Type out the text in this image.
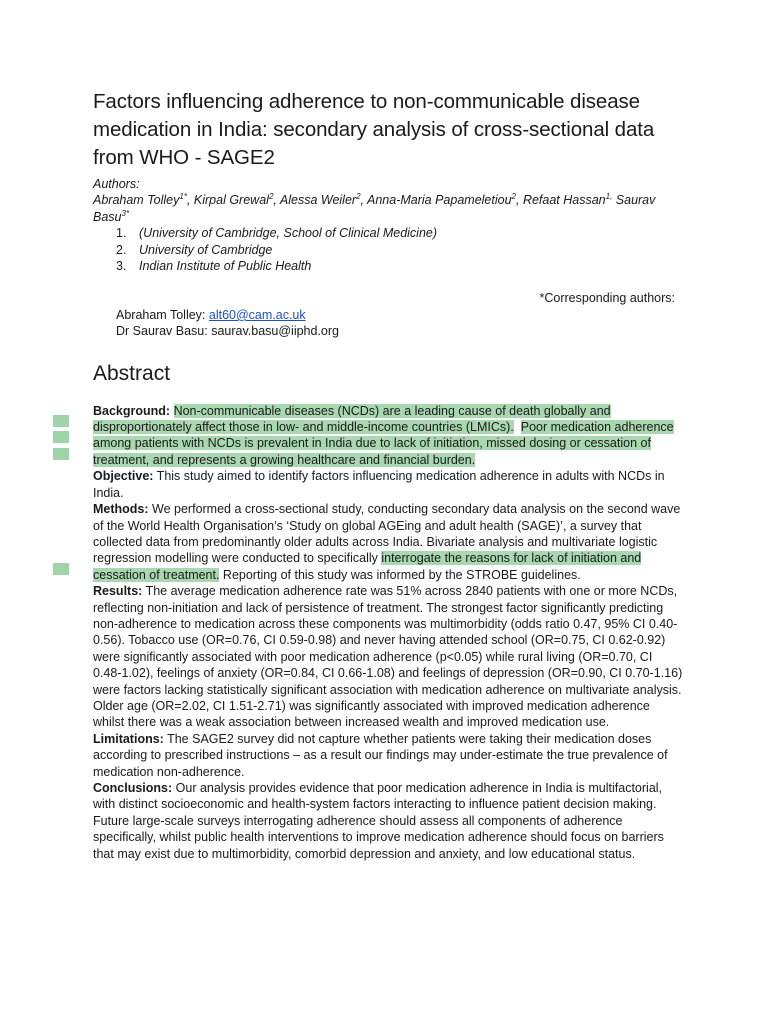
Factors influencing adherence to non-communicable disease medication in India: secondary analysis of cross-sectional data from WHO - SAGE2
Authors:
Abraham Tolley$^{1*}$, Kirpal Grewal$^2$, Alessa Weiler$^2$, Anna-Maria Papameletiou$^2$, Refaat Hassan$^{1,}$ Saurav Basu$^{3*}$
1. (University of Cambridge, School of Clinical Medicine)
2. University of Cambridge
3. Indian Institute of Public Health
*Corresponding authors:
Abraham Tolley: alt60@cam.ac.uk
Dr Saurav Basu: saurav.basu@iiphd.org
Abstract

Background: Non-communicable diseases (NCDs) are a leading cause of death globally and disproportionately affect those in low- and middle-income countries (LMICs). Poor medication adherence among patients with NCDs is prevalent in India due to lack of initiation, missed dosing or cessation of treatment, and represents a growing healthcare and financial burden.

Objective: This study aimed to identify factors influencing medication adherence in adults with NCDs in India.

Methods: We performed a cross-sectional study, conducting secondary data analysis on the second wave of the World Health Organisation’s ‘Study on global AGEing and adult health (SAGE)’, a survey that collected data from predominantly older adults across India. Bivariate analysis and multivariate logistic regression modelling were conducted to specifically interrogate the reasons for lack of initiation and cessation of treatment. Reporting of this study was informed by the STROBE guidelines.

Results: The average medication adherence rate was 51% across 2840 patients with one or more NCDs, reflecting non-initiation and lack of persistence of treatment. The strongest factor significantly predicting non-adherence to medication across these components was multimorbidity (odds ratio 0.47, 95% CI 0.40-0.56). Tobacco use (OR=0.76, CI 0.59-0.98) and never having attended school (OR=0.75, CI 0.62-0.92) were significantly associated with poor medication adherence (p<0.05) while rural living (OR=0.70, CI 0.48-1.02), feelings of anxiety (OR=0.84, CI 0.66-1.08) and feelings of depression (OR=0.90, CI 0.70-1.16) were factors lacking statistically significant association with medication adherence on multivariate analysis. Older age (OR=2.02, CI 1.51-2.71) was significantly associated with improved medication adherence whilst there was a weak association between increased wealth and improved medication use.

Limitations: The SAGE2 survey did not capture whether patients were taking their medication doses according to prescribed instructions – as a result our findings may under-estimate the true prevalence of medication non-adherence.

Conclusions: Our analysis provides evidence that poor medication adherence in India is multifactorial, with distinct socioeconomic and health-system factors interacting to influence patient decision making. Future large-scale surveys interrogating adherence should assess all components of adherence specifically, whilst public health interventions to improve medication adherence should focus on barriers that may exist due to multimorbidity, comorbid depression and anxiety, and low educational status.
